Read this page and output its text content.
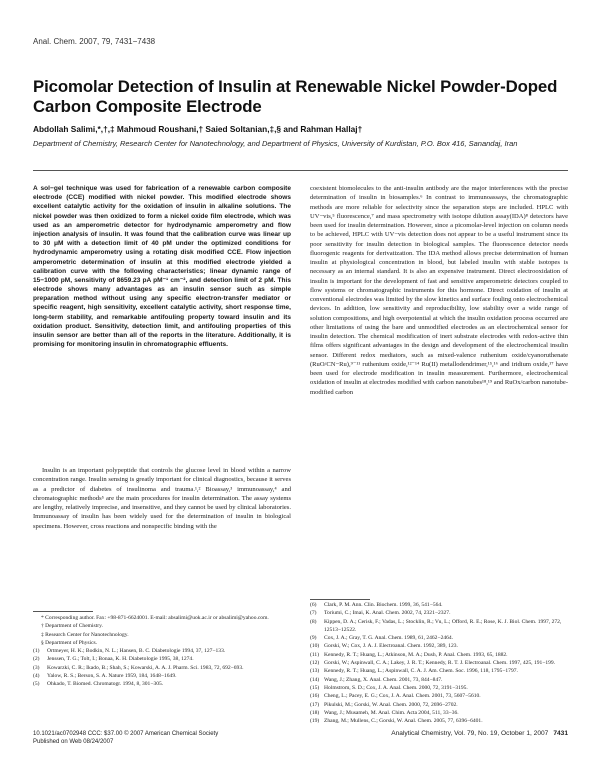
Anal. Chem. 2007, 79, 7431−7438
Picomolar Detection of Insulin at Renewable Nickel Powder-Doped Carbon Composite Electrode
Abdollah Salimi,*,†,‡ Mahmoud Roushani,† Saied Soltanian,‡,§ and Rahman Hallaj†
Department of Chemistry, Research Center for Nanotechnology, and Department of Physics, University of Kurdistan, P.O. Box 416, Sanandaj, Iran
A sol−gel technique was used for fabrication of a renewable carbon composite electrode (CCE) modified with nickel powder. This modified electrode shows excellent catalytic activity for the oxidation of insulin in alkaline solutions. The nickel powder was then oxidized to form a nickel oxide film electrode, which was used as an amperometric detector for hydrodynamic amperometry and flow injection analysis of insulin. It was found that the calibration curve was linear up to 30 μM with a detection limit of 40 pM under the optimized conditions for hydrodynamic amperometry using a rotating disk modified CCE. Flow injection amperometric determination of insulin at this modified electrode yielded a calibration curve with the following characteristics; linear dynamic range of 15−1000 pM, sensitivity of 8659.23 pA pM⁻¹ cm⁻², and detection limit of 2 pM. This electrode shows many advantages as an insulin sensor such as simple preparation method without using any specific electron-transfer mediator or specific reagent, high sensitivity, excellent catalytic activity, short response time, long-term stability, and remarkable antifouling property toward insulin and its oxidation product. Sensitivity, detection limit, and antifouling properties of this insulin sensor are better than all of the reports in the literature. Additionally, it is promising for monitoring insulin in chromatographic effluents.
Insulin is an important polypeptide that controls the glucose level in blood within a narrow concentration range. Insulin sensing is greatly important for clinical diagnostics, because it serves as a predictor of diabetes of insulinoma and trauma.¹,² Bioassay,³ immunoassay,⁴ and chromatographic methods⁵ are the main procedures for insulin determination. The assay systems are lengthy, relatively imprecise, and insensitive, and they cannot be used by clinical laboratories. Immunoassay of insulin has been widely used for the determination of insulin in biological specimens. However, cross reactions and nonspecific binding with the
coexistent biomolecules to the anti-insulin antibody are the major interferences with the precise determination of insulin in biosamples.⁶ In contrast to immunoassays, the chromatographic methods are more reliable for selectivity since the separation steps are included. HPLC with UV−vis,⁵ fluorescence,⁷ and mass spectrometry with isotope dilution assay(IDA)⁸ detectors have been used for insulin determination. However, since a picomolar-level injection on column needs to be achieved, HPLC with UV−vis detection does not appear to be a useful instrument since its poor sensitivity for insulin detection in biological samples. The fluorescence detector needs fluorogenic reagents for derivatization. The IDA method allows precise determination of human insulin at physiological concentration in blood, but labeled insulin with stable isotopes is necessary as an internal standard. It is also an expensive instrument. Direct electrooxidation of insulin is important for the development of fast and sensitive amperometric detectors coupled to flow systems or chromatographic instruments for this hormone. Direct oxidation of insulin at conventional electrodes was limited by the slow kinetics and surface fouling onto electrochemical devices. In addition, low sensitivity and reproducibility, low stability over a wide range of solution compositions, and high overpotential at which the insulin oxidation process occurred are other limitations of using the bare and unmodified electrodes as an electrochemical sensor for insulin detection. The chemical modification of inert substrate electrodes with redox-active thin films offers significant advantages in the design and development of the electrochemical insulin sensor. Different redox mediators, such as mixed-valence ruthenium oxide/cyanoruthenate (RuO/CN−Ru),⁹⁻¹¹ ruthenium oxide,¹²⁻¹⁴ Ru(II) metallodendrimer,¹⁵,¹⁶ and iridium oxide,¹⁷ have been used for electrode modification in insulin measurement. Furthermore, electrochemical oxidation of insulin at electrodes modified with carbon nanotubes¹⁸,¹⁹ and RuOx/carbon nanotube-modified carbon
* Corresponding author. Fax: +98-871-6624001. E-mail: absalimi@uok.ac.ir or absalimi@yahoo.com.
† Department of Chemistry.
‡ Research Center for Nanotechnology.
§ Department of Physics.
(1) Ortmeyer, H. K.; Bodkin, N. L.; Hansen, B. C. Diabetologie 1994, 37, 127−133.
(2) Jenssen, T. G.; Tolt, I.; Bonaa, K. H. Diabetologie 1995, 38, 1274.
(3) Kowarzki, C. R.; Ikado, B.; Shah, S.; Kowarski, A. A. J. Pharm. Sci. 1983, 72, 692−693.
(4) Yalow, R. S.; Berson, S. A. Nature 1959, 184, 1648−1649.
(5) Ohkado, T. Biomed. Chromatogr. 1994, 8, 301−305.
(6) Clark, P. M. Ann. Clin. Biochem. 1999, 36, 541−564.
(7) Toriumi, C.; Imai, K. Anal. Chem. 2002, 74, 2321−2327.
(8) Kippen, D. A.; Cerisk, F.; Vadas, L.; Stocklin, R.; Vu, L.; Offord, R. E.; Rose, K. J. Biol. Chem. 1997, 272, 12513−12522.
(9) Cox, J. A.; Gray, T. G. Anal. Chem. 1989, 61, 2462−2464.
(10) Gorski, W.; Cox, J. A. J. Electroanal. Chem. 1992, 389, 123.
(11) Kennedy, R. T.; Huang, L.; Atkinson, M. A.; Dush, P. Anal. Chem. 1993, 65, 1882.
(12) Gorski, W.; Aspinwall, C. A.; Lakey, J. R. T.; Kennedy, R. T. J. Electroanal. Chem. 1997, 425, 191−199.
(13) Kennedy, R. T.; Huang, L.; Aspinwall, C. A. J. Am. Chem. Soc. 1996, 118, 1795−1797.
(14) Wang, J.; Zhang, X. Anal. Chem. 2001, 73, 844−847.
(15) Holmstrom, S. D.; Cox, J. A. Anal. Chem. 2000, 72, 3191−3195.
(16) Cheng, L.; Pacey, E. G.; Cox, J. A. Anal. Chem. 2001, 73, 5607−5610.
(17) Pikulski, M.; Gorski, W. Anal. Chem. 2000, 72, 2696−2702.
(18) Wang, J.; Musameh, M. Anal. Chim. Acta 2004, 511, 33−36.
(19) Zhang, M.; Mullens, C.; Gorski, W. Anal. Chem. 2005, 77, 6396−6401.
10.1021/ac0702948 CCC: $37.00 © 2007 American Chemical Society
Published on Web 08/24/2007
Analytical Chemistry, Vol. 79, No. 19, October 1, 2007 7431
